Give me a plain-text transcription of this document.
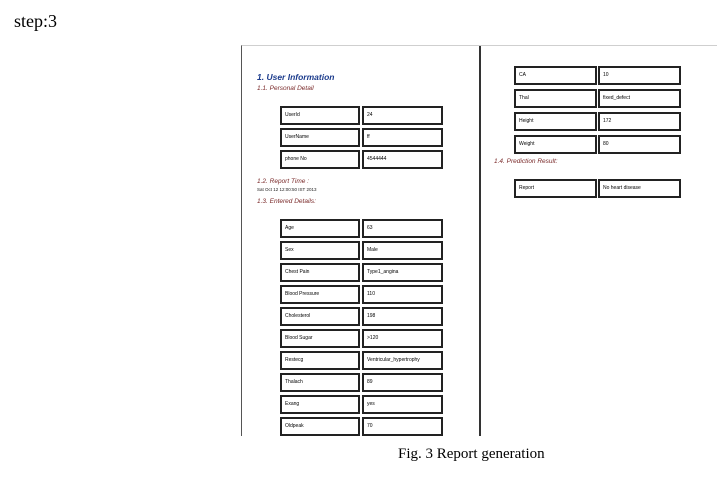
step:3
1. User Information
1.1. Personal Detail
UserId	24
UserName	ff
phone No	4544444
1.2. Report Time :
Sat Oct 12 12:00:50 IST 2013
1.3. Entered Details:
Age	63
Sex	Male
Chest Pain	Type1_angina
Blood Pressure	110
Cholesterol	198
Blood Sugar	>120
Restecg	Ventricular_hypertrophy
Thalach	89
Exang	yes
Oldpeak	70
CA	10
Thal	fixed_defect
Height	172
Weight	80
1.4. Prediction Result:
Report	No heart disease
Fig. 3 Report generation
